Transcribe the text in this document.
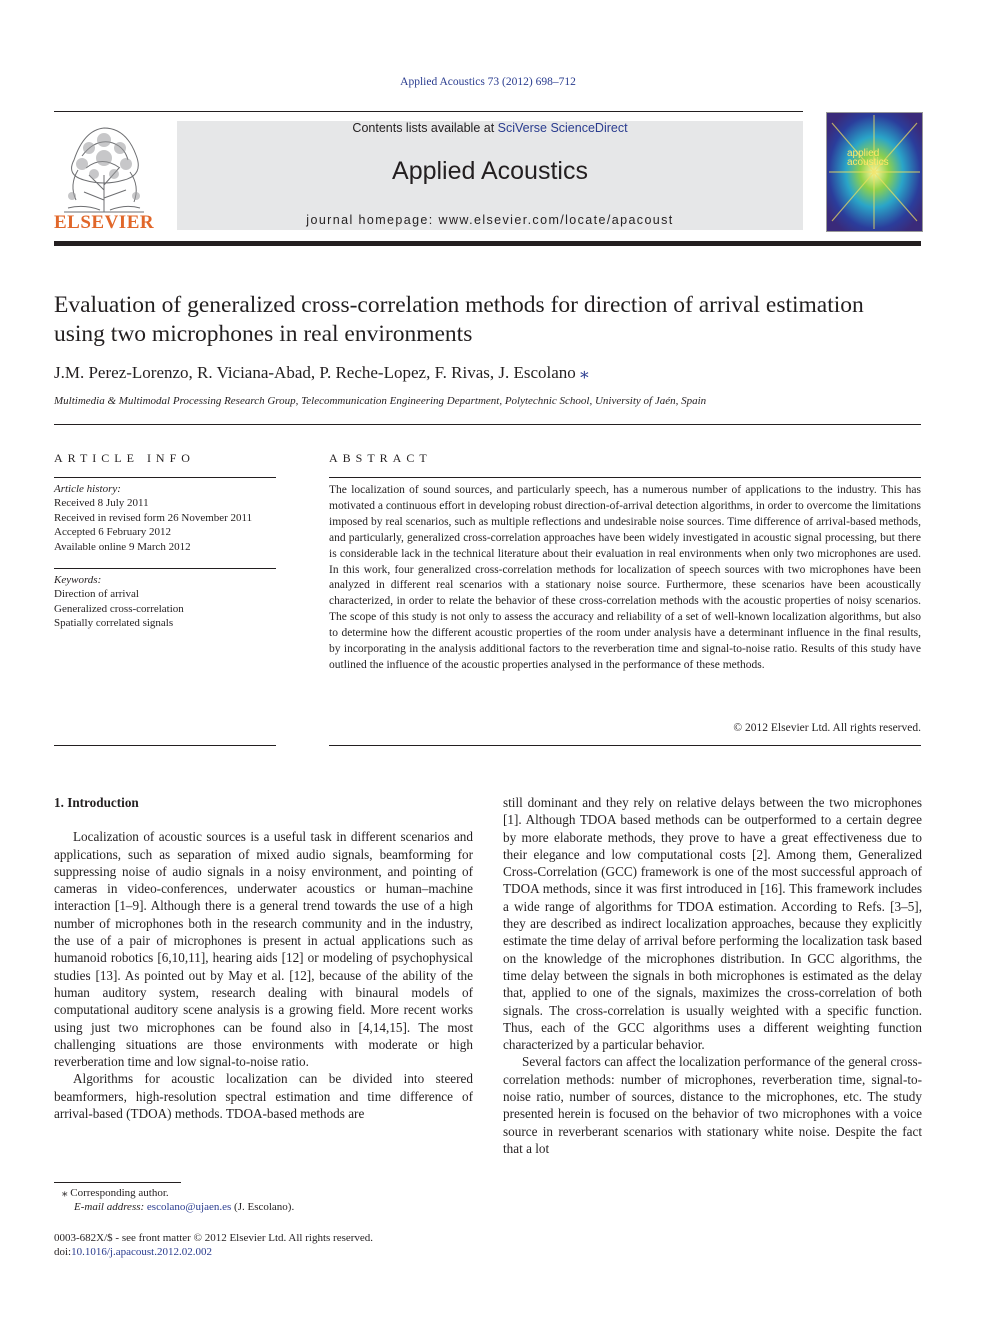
Applied Acoustics 73 (2012) 698–712
ELSEVIER
Contents lists available at SciVerse ScienceDirect
Applied Acoustics
journal homepage: www.elsevier.com/locate/apacoust
applied
acoustics
Evaluation of generalized cross-correlation methods for direction of arrival estimation using two microphones in real environments
J.M. Perez-Lorenzo, R. Viciana-Abad, P. Reche-Lopez, F. Rivas, J. Escolano ⁎
Multimedia & Multimodal Processing Research Group, Telecommunication Engineering Department, Polytechnic School, University of Jaén, Spain
ARTICLE INFO
Article history:
Received 8 July 2011
Received in revised form 26 November 2011
Accepted 6 February 2012
Available online 9 March 2012
Keywords:
Direction of arrival
Generalized cross-correlation
Spatially correlated signals
ABSTRACT
The localization of sound sources, and particularly speech, has a numerous number of applications to the industry. This has motivated a continuous effort in developing robust direction-of-arrival detection algorithms, in order to overcome the limitations imposed by real scenarios, such as multiple reflections and undesirable noise sources. Time difference of arrival-based methods, and particularly, generalized cross-correlation approaches have been widely investigated in acoustic signal processing, but there is considerable lack in the technical literature about their evaluation in real environments when only two microphones are used. In this work, four generalized cross-correlation methods for localization of speech sources with two microphones have been analyzed in different real scenarios with a stationary noise source. Furthermore, these scenarios have been acoustically characterized, in order to relate the behavior of these cross-correlation methods with the acoustic properties of noisy scenarios. The scope of this study is not only to assess the accuracy and reliability of a set of well-known localization algorithms, but also to determine how the different acoustic properties of the room under analysis have a determinant influence in the final results, by incorporating in the analysis additional factors to the reverberation time and signal-to-noise ratio. Results of this study have outlined the influence of the acoustic properties analysed in the performance of these methods.
© 2012 Elsevier Ltd. All rights reserved.

1. Introduction

Localization of acoustic sources is a useful task in different scenarios and applications, such as separation of mixed audio signals, beamforming for suppressing noise of audio signals in a noisy environment, and pointing of cameras in video-conferences, underwater acoustics or human–machine interaction [1–9]. Although there is a general trend towards the use of a high number of microphones both in the research community and in the industry, the use of a pair of microphones is present in actual applications such as humanoid robotics [6,10,11], hearing aids [12] or modeling of psychophysical studies [13]. As pointed out by May et al. [12], because of the ability of the human auditory system, research dealing with binaural models of computational auditory scene analysis is a growing field. More recent works using just two microphones can be found also in [4,14,15]. The most challenging situations are those environments with moderate or high reverberation time and low signal-to-noise ratio.

Algorithms for acoustic localization can be divided into steered beamformers, high-resolution spectral estimation and time difference of arrival-based (TDOA) methods. TDOA-based methods are

still dominant and they rely on relative delays between the two microphones [1]. Although TDOA based methods can be outperformed to a certain degree by more elaborate methods, they prove to have a great effectiveness due to their elegance and low computational costs [2]. Among them, Generalized Cross-Correlation (GCC) framework is one of the most successful approach of TDOA methods, since it was first introduced in [16]. This framework includes a wide range of algorithms for TDOA estimation. According to Refs. [3–5], they are described as indirect localization approaches, because they explicitly estimate the time delay of arrival before performing the localization task based on the knowledge of the microphones distribution. In GCC algorithms, the time delay between the signals in both microphones is estimated as the delay that, applied to one of the signals, maximizes the cross-correlation of both signals. The cross-correlation is usually weighted with a specific function. Thus, each of the GCC algorithms uses a different weighting function characterized by a particular behavior.

Several factors can affect the localization performance of the general cross-correlation methods: number of microphones, reverberation time, signal-to-noise ratio, number of sources, distance to the microphones, etc. The study presented herein is focused on the behavior of two microphones with a voice source in reverberant scenarios with stationary white noise. Despite the fact that a lot

⁎ Corresponding author.
E-mail address: escolano@ujaen.es (J. Escolano).
0003-682X/$ - see front matter © 2012 Elsevier Ltd. All rights reserved.
doi:10.1016/j.apacoust.2012.02.002
